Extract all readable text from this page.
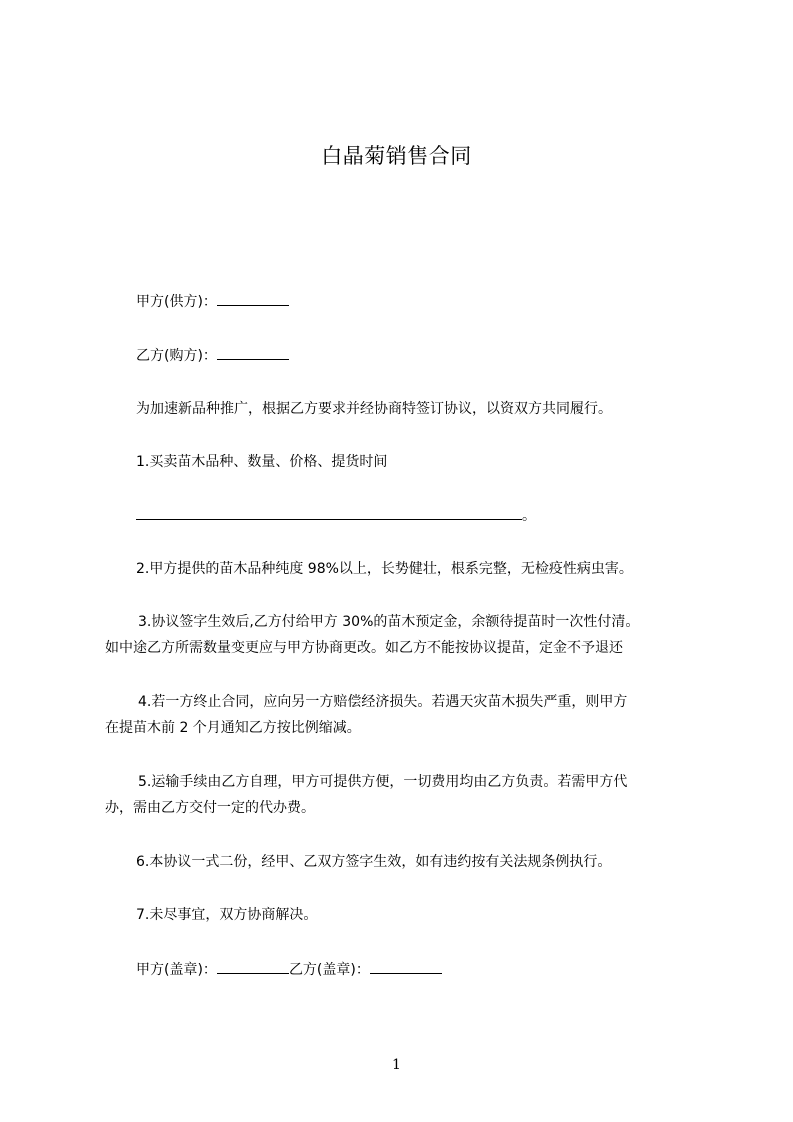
白晶菊销售合同

甲方(供方)：

乙方(购方)：

为加速新品种推广，根据乙方要求并经协商特签订协议，以资双方共同履行。

1.买卖苗木品种、数量、价格、提货时间

。

2.甲方提供的苗木品种纯度 98%以上，长势健壮，根系完整，无检疫性病虫害。

3.协议签字生效后,乙方付给甲方 30%的苗木预定金，余额待提苗时一次性付清。

如中途乙方所需数量变更应与甲方协商更改。如乙方不能按协议提苗，定金不予退还

4.若一方终止合同，应向另一方赔偿经济损失。若遇天灾苗木损失严重，则甲方

在提苗木前 2 个月通知乙方按比例缩减。

5.运输手续由乙方自理，甲方可提供方便，一切费用均由乙方负责。若需甲方代

办，需由乙方交付一定的代办费。

6.本协议一式二份，经甲、乙双方签字生效，如有违约按有关法规条例执行。

7.未尽事宜，双方协商解决。

甲方(盖章)：	乙方(盖章)：

1
